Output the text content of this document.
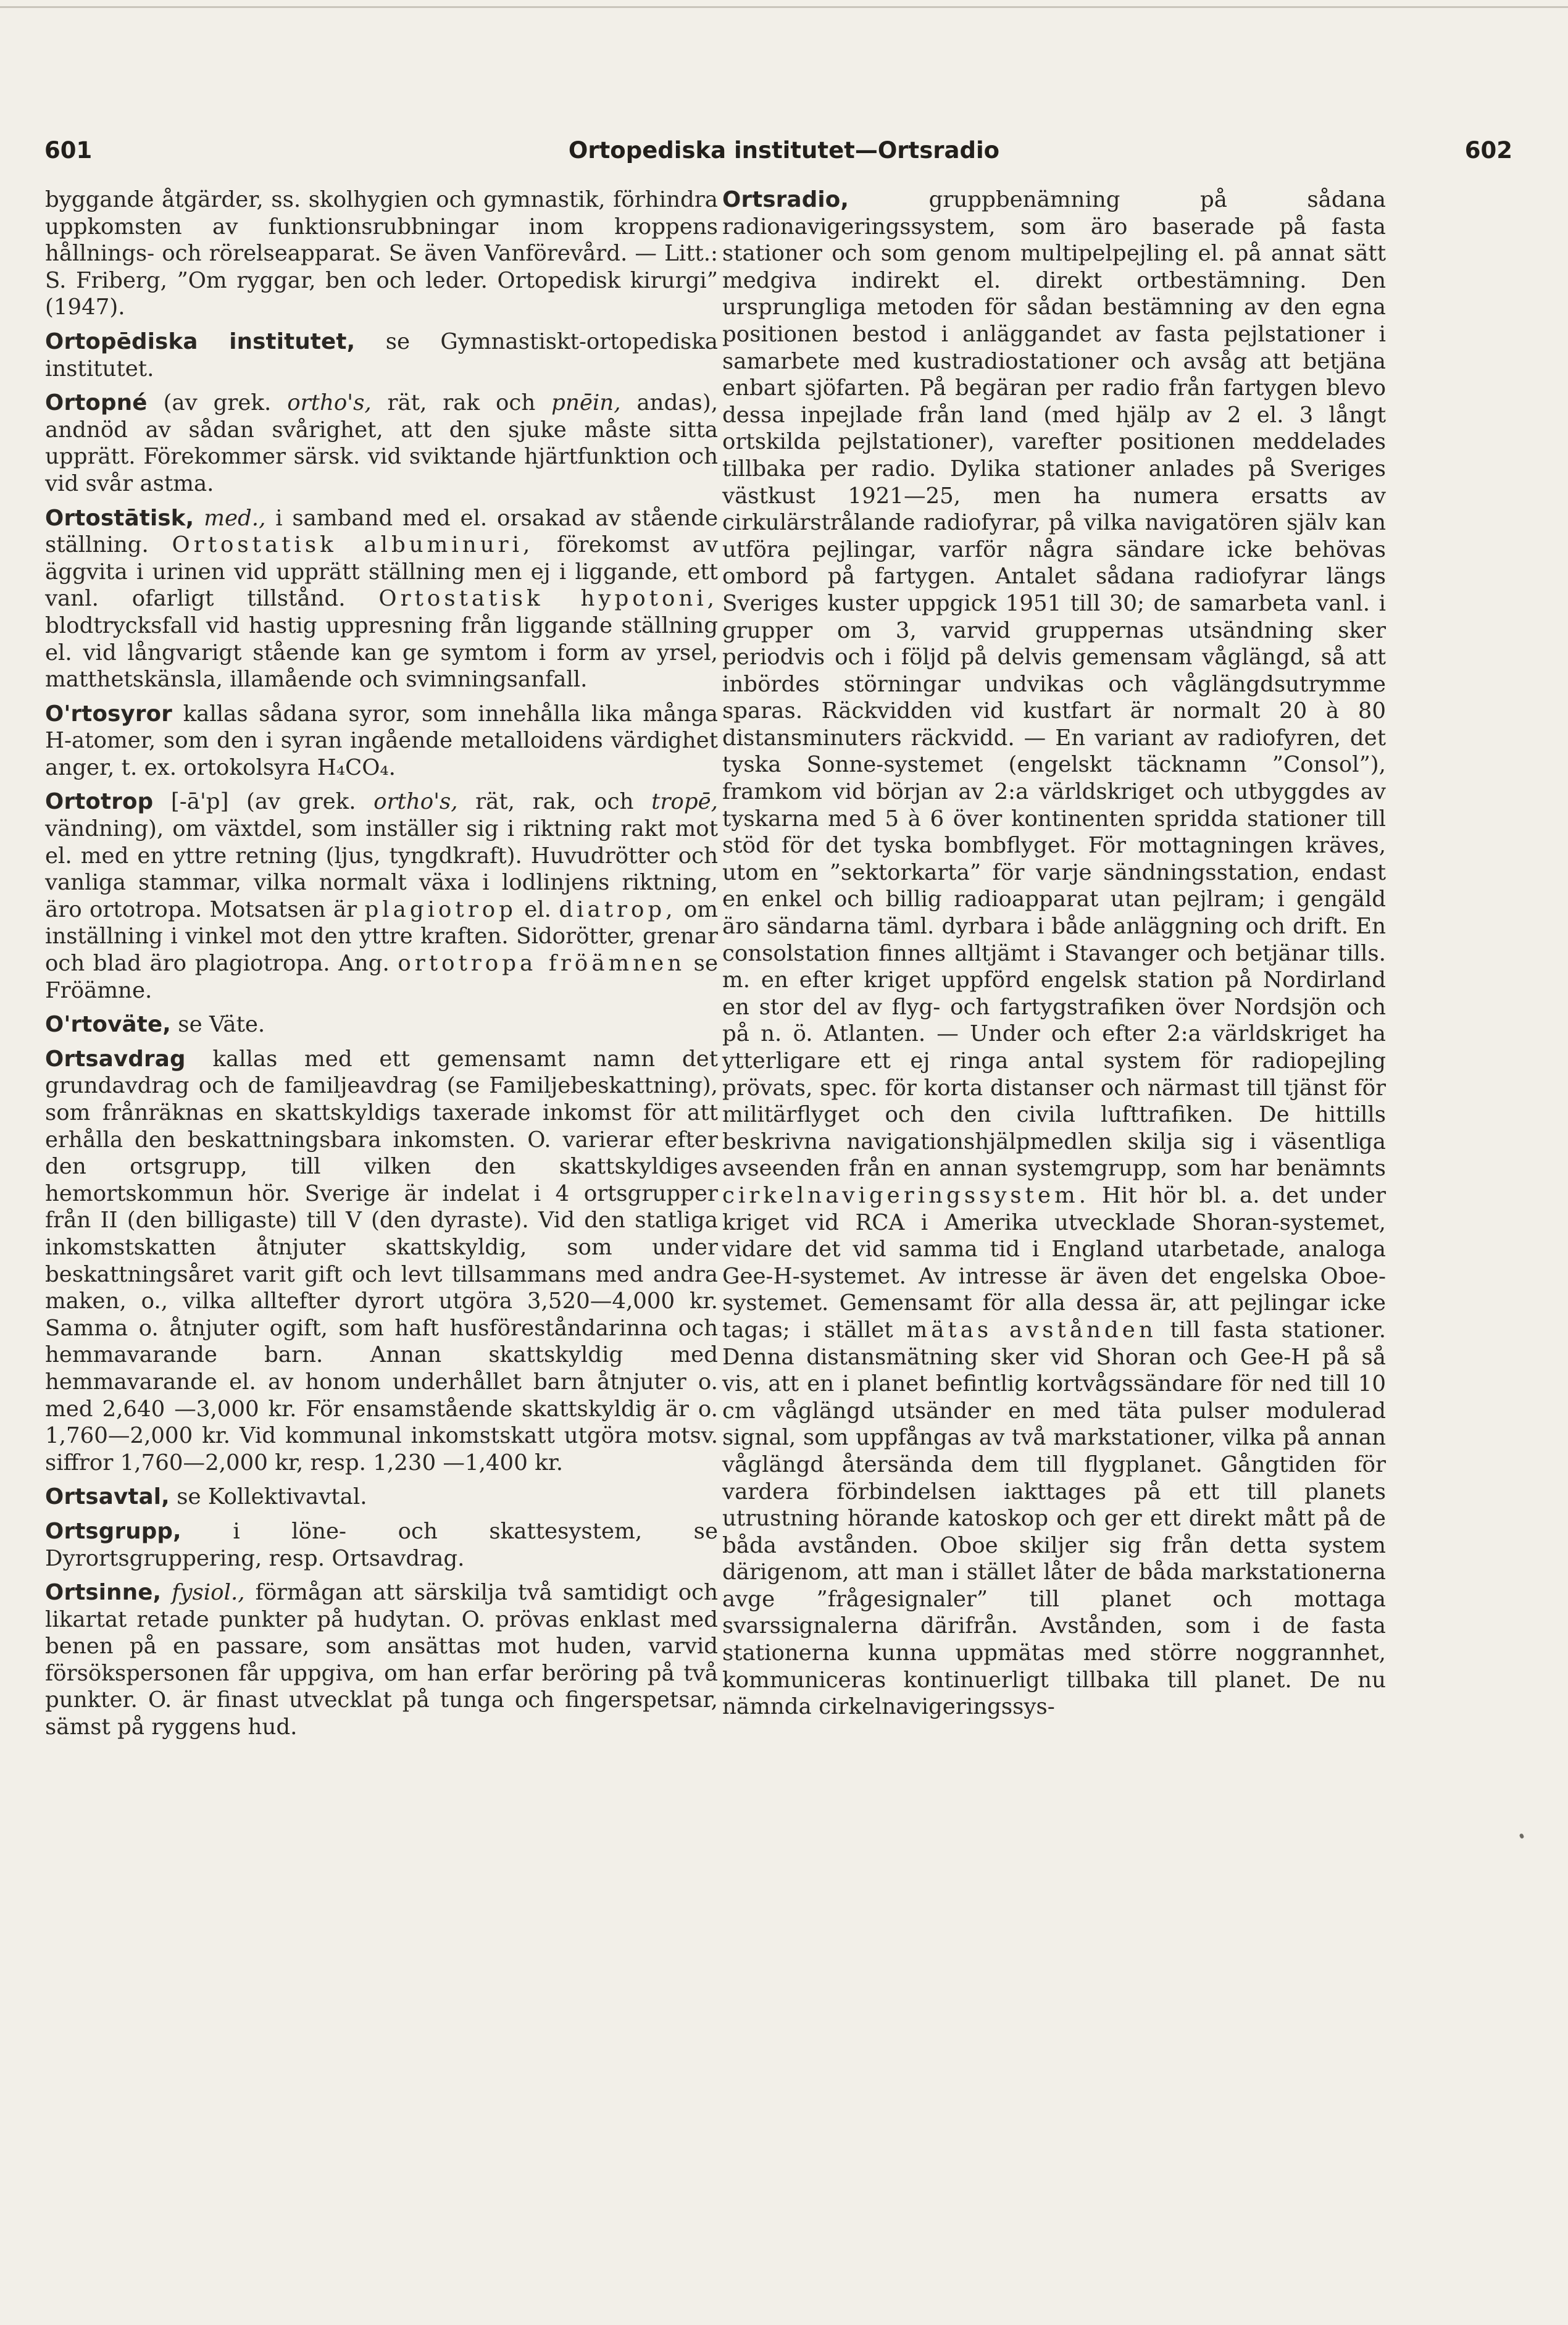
601	Ortopediska institutet—Ortsradio	602

byggande åtgärder, ss. skolhygien och gymnastik, förhindra uppkomsten av funktionsrubbningar inom kroppens hållnings- och rörelseapparat. Se även Vanförevård. — Litt.: S. Friberg, ”Om ryggar, ben och leder. Ortopedisk kirurgi” (1947).

Ortopēdiska institutet, se Gymnastiskt-ortopediska institutet.

Ortopné (av grek. ortho's, rät, rak och pnēin, andas), andnöd av sådan svårighet, att den sjuke måste sitta upprätt. Förekommer särsk. vid sviktande hjärtfunktion och vid svår astma.

Ortostātisk, med., i samband med el. orsakad av stående ställning. Ortostatisk albuminuri, förekomst av äggvita i urinen vid upprätt ställning men ej i liggande, ett vanl. ofarligt tillstånd. Ortostatisk hypotoni, blodtrycksfall vid hastig uppresning från liggande ställning el. vid långvarigt stående kan ge symtom i form av yrsel, matthetskänsla, illamående och svimningsanfall.

O'rtosyror kallas sådana syror, som innehålla lika många H-atomer, som den i syran ingående metalloidens värdighet anger, t. ex. ortokolsyra H₄CO₄.

Ortotrop [-ā'p] (av grek. ortho's, rät, rak, och tropē, vändning), om växtdel, som inställer sig i riktning rakt mot el. med en yttre retning (ljus, tyngdkraft). Huvudrötter och vanliga stammar, vilka normalt växa i lodlinjens riktning, äro ortotropa. Motsatsen är plagiotrop el. diatrop, om inställning i vinkel mot den yttre kraften. Sidorötter, grenar och blad äro plagiotropa. Ang. ortotropa fröämnen se Fröämne.

O'rtoväte, se Väte.

Ortsavdrag kallas med ett gemensamt namn det grundavdrag och de familjeavdrag (se Familjebeskattning), som frånräknas en skattskyldigs taxerade inkomst för att erhålla den beskattningsbara inkomsten. O. varierar efter den ortsgrupp, till vilken den skattskyldiges hemortskommun hör. Sverige är indelat i 4 ortsgrupper från II (den billigaste) till V (den dyraste). Vid den statliga inkomstskatten åtnjuter skattskyldig, som under beskattningsåret varit gift och levt tillsammans med andra maken, o., vilka alltefter dyrort utgöra 3,520—4,000 kr. Samma o. åtnjuter ogift, som haft husföreståndarinna och hemmavarande barn. Annan skattskyldig med hemmavarande el. av honom underhållet barn åtnjuter o. med 2,640 —3,000 kr. För ensamstående skattskyldig är o. 1,760—2,000 kr. Vid kommunal inkomstskatt utgöra motsv. siffror 1,760—2,000 kr, resp. 1,230 —1,400 kr.

Ortsavtal, se Kollektivavtal.

Ortsgrupp, i löne- och skattesystem, se Dyrortsgruppering, resp. Ortsavdrag.

Ortsinne, fysiol., förmågan att särskilja två samtidigt och likartat retade punkter på hudytan. O. prövas enklast med benen på en passare, som ansättas mot huden, varvid försökspersonen får uppgiva, om han erfar beröring på två punkter. O. är finast utvecklat på tunga och fingerspetsar, sämst på ryggens hud.

Ortsradio, gruppbenämning på sådana radionavigeringssystem, som äro baserade på fasta stationer och som genom multipelpejling el. på annat sätt medgiva indirekt el. direkt ortbestämning. Den ursprungliga metoden för sådan bestämning av den egna positionen bestod i anläggandet av fasta pejlstationer i samarbete med kustradiostationer och avsåg att betjäna enbart sjöfarten. På begäran per radio från fartygen blevo dessa inpejlade från land (med hjälp av 2 el. 3 långt ortskilda pejlstationer), varefter positionen meddelades tillbaka per radio. Dylika stationer anlades på Sveriges västkust 1921—25, men ha numera ersatts av cirkulärstrålande radiofyrar, på vilka navigatören själv kan utföra pejlingar, varför några sändare icke behövas ombord på fartygen. Antalet sådana radiofyrar längs Sveriges kuster uppgick 1951 till 30; de samarbeta vanl. i grupper om 3, varvid gruppernas utsändning sker periodvis och i följd på delvis gemensam våglängd, så att inbördes störningar undvikas och våglängdsutrymme sparas. Räckvidden vid kustfart är normalt 20 à 80 distansminuters räckvidd. — En variant av radiofyren, det tyska Sonne-systemet (engelskt täcknamn ”Consol”), framkom vid början av 2:a världskriget och utbyggdes av tyskarna med 5 à 6 över kontinenten spridda stationer till stöd för det tyska bombflyget. För mottagningen kräves, utom en ”sektorkarta” för varje sändningsstation, endast en enkel och billig radioapparat utan pejlram; i gengäld äro sändarna täml. dyrbara i både anläggning och drift. En consolstation finnes alltjämt i Stavanger och betjänar tills. m. en efter kriget uppförd engelsk station på Nordirland en stor del av flyg- och fartygstrafiken över Nordsjön och på n. ö. Atlanten. — Under och efter 2:a världskriget ha ytterligare ett ej ringa antal system för radiopejling prövats, spec. för korta distanser och närmast till tjänst för militärflyget och den civila lufttrafiken. De hittills beskrivna navigationshjälpmedlen skilja sig i väsentliga avseenden från en annan systemgrupp, som har benämnts cirkelnavigeringssystem. Hit hör bl. a. det under kriget vid RCA i Amerika utvecklade Shoran-systemet, vidare det vid samma tid i England utarbetade, analoga Gee-H-systemet. Av intresse är även det engelska Oboe-systemet. Gemensamt för alla dessa är, att pejlingar icke tagas; i stället mätas avstånden till fasta stationer. Denna distansmätning sker vid Shoran och Gee-H på så vis, att en i planet befintlig kortvågssändare för ned till 10 cm våglängd utsänder en med täta pulser modulerad signal, som uppfångas av två markstationer, vilka på annan våglängd återsända dem till flygplanet. Gångtiden för vardera förbindelsen iakttages på ett till planets utrustning hörande katoskop och ger ett direkt mått på de båda avstånden. Oboe skiljer sig från detta system därigenom, att man i stället låter de båda markstationerna avge ”frågesignaler” till planet och mottaga svarssignalerna därifrån. Avstånden, som i de fasta stationerna kunna uppmätas med större noggrannhet, kommuniceras kontinuerligt tillbaka till planet. De nu nämnda cirkelnavigeringssys-
